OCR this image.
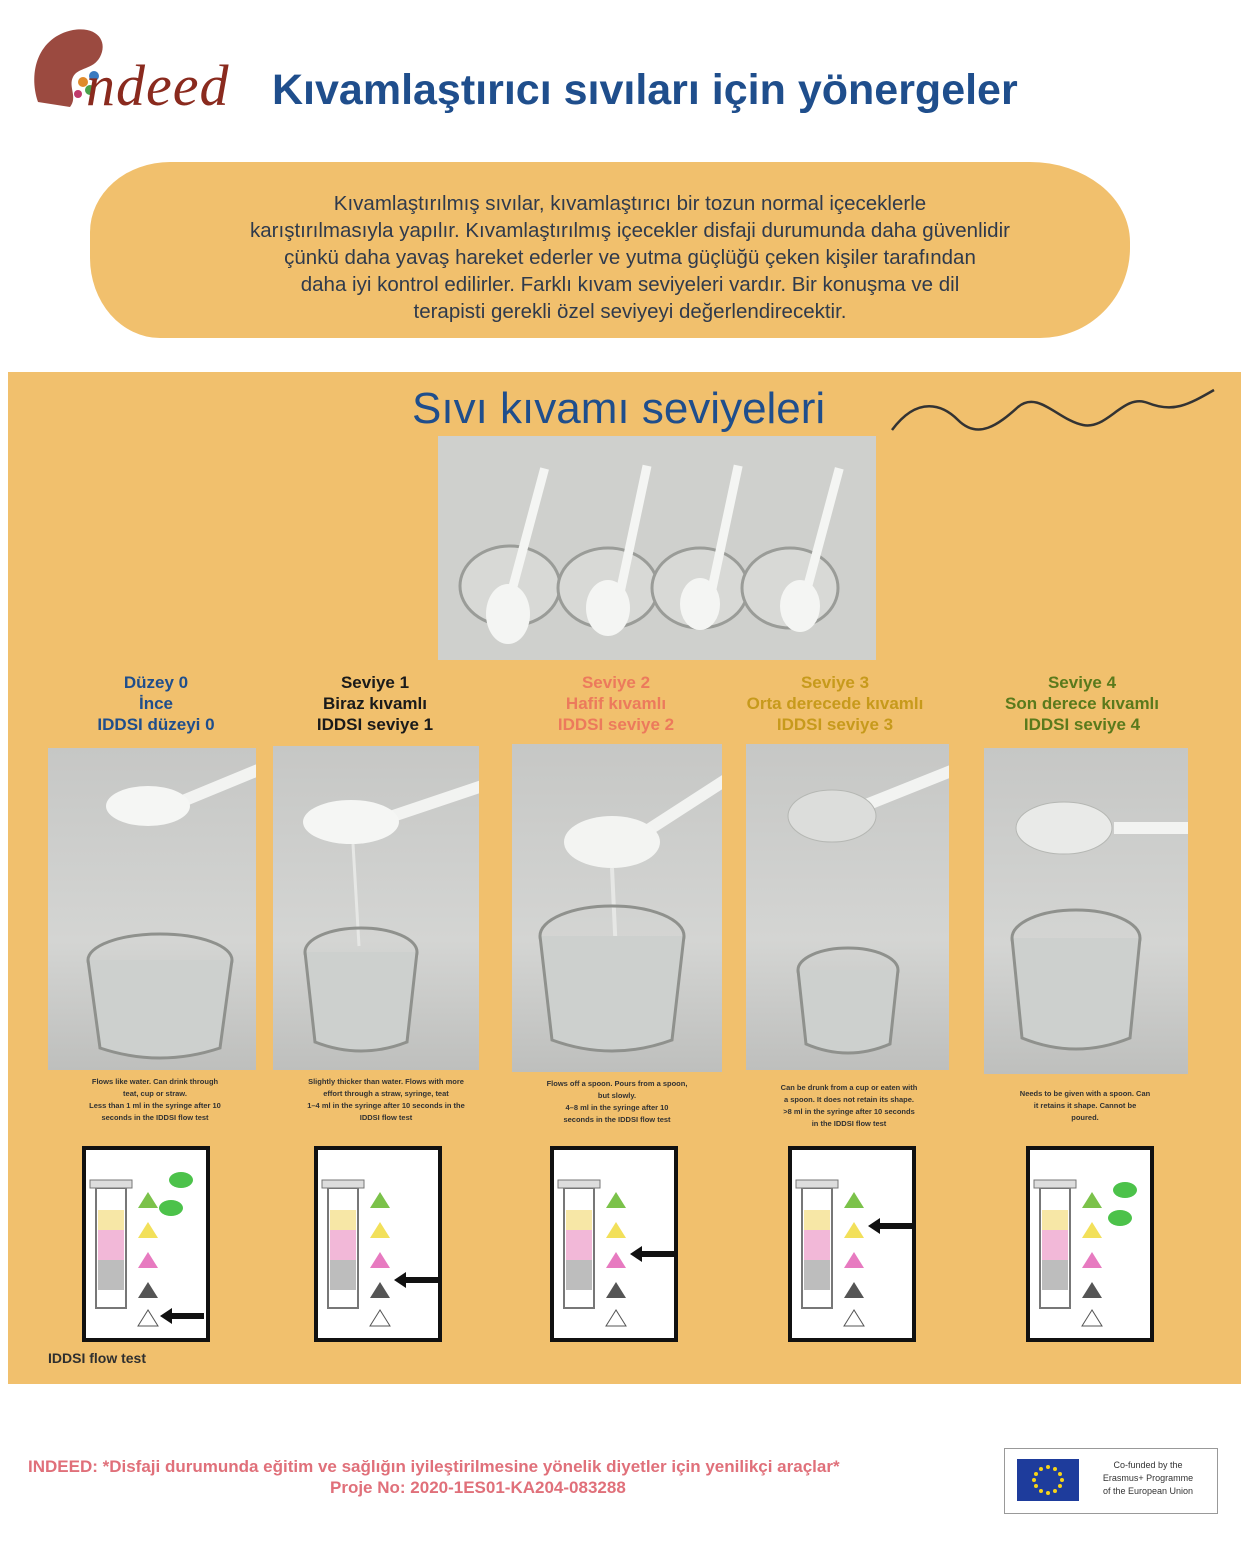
ndeed Kıvamlaştırıcı sıvıları için yönergeler
Kıvamlaştırılmış sıvılar, kıvamlaştırıcı bir tozun normal içeceklerle
karıştırılmasıyla yapılır. Kıvamlaştırılmış içecekler disfaji durumunda daha güvenlidir
çünkü daha yavaş hareket ederler ve yutma güçlüğü çeken kişiler tarafından
daha iyi kontrol edilirler. Farklı kıvam seviyeleri vardır. Bir konuşma ve dil
terapisti gerekli özel seviyeyi değerlendirecektir.
Sıvı kıvamı seviyeleri
Düzey 0
İnce
IDDSI düzeyi 0
Seviye 1
Biraz kıvamlı
IDDSI seviye 1
Seviye 2
Hafif kıvamlı
IDDSI seviye 2
Seviye 3
Orta derecede kıvamlı
IDDSI seviye 3
Seviye 4
Son derece kıvamlı
IDDSI seviye 4
Flows like water. Can drink through
teat, cup or straw.
Less than 1 ml in the syringe after 10
seconds in the IDDSI flow test
Slightly thicker than water. Flows with more
effort through a straw, syringe, teat
1–4 ml in the syringe after 10 seconds in the
IDDSI flow test
Flows off a spoon. Pours from a spoon,
but slowly.
4–8 ml in the syringe after 10
seconds in the IDDSI flow test
Can be drunk from a cup or eaten with
a spoon. It does not retain its shape.
>8 ml in the syringe after 10 seconds
in the IDDSI flow test
Needs to be given with a spoon. Can
it retains it shape. Cannot be
poured.
IDDSI flow test
INDEED: *Disfaji durumunda eğitim ve sağlığın iyileştirilmesine yönelik diyetler için yenilikçi araçlar*
Proje No: 2020-1ES01-KA204-083288
Co-funded by the
Erasmus+ Programme
of the European Union
